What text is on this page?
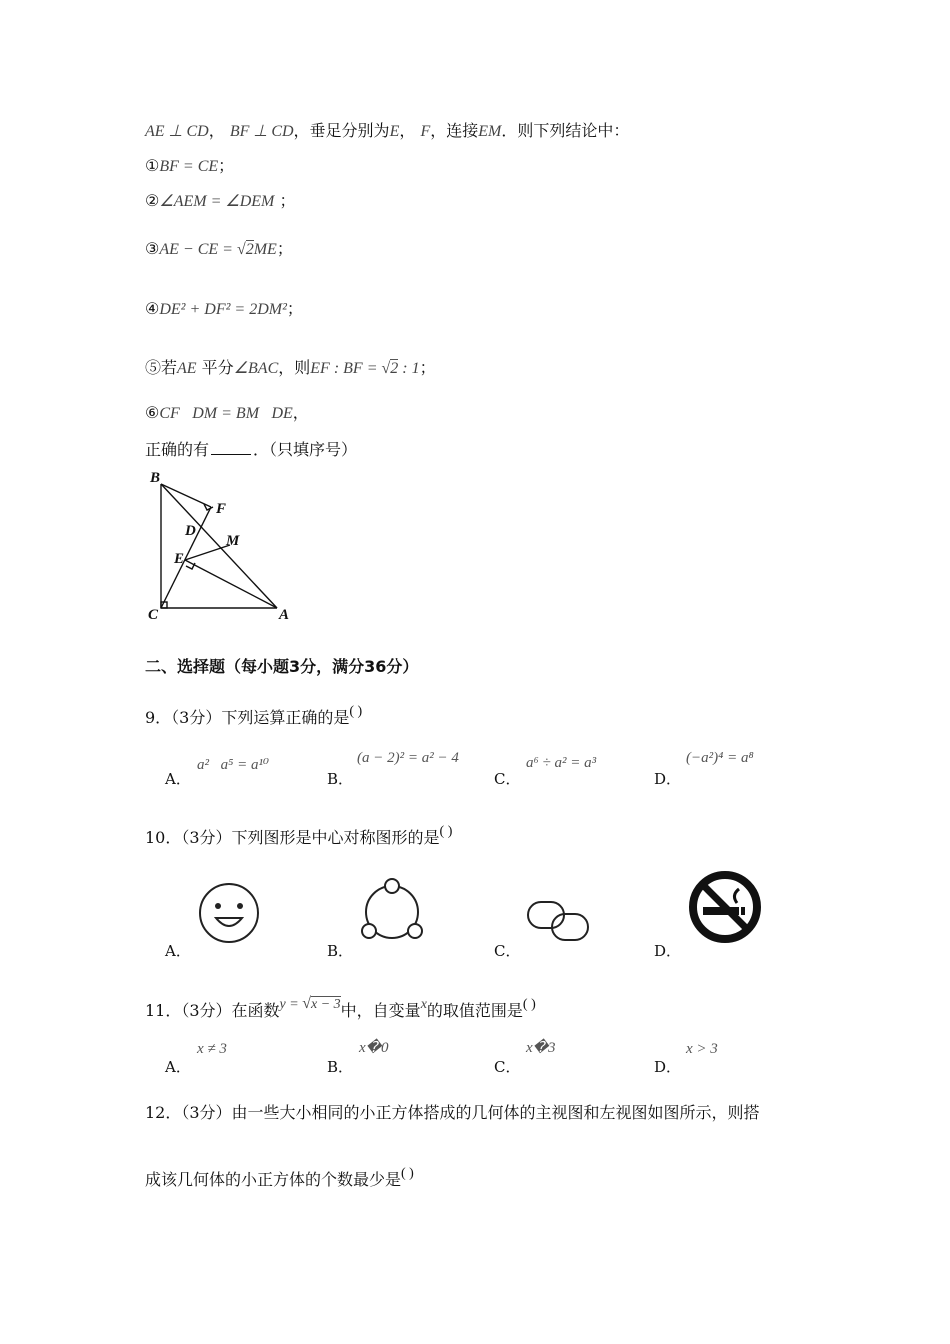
AE ⊥ CD， BF ⊥ CD，垂足分别为E， F，连接EM．则下列结论中：
①BF = CE；
②∠AEM = ∠DEM ；
③AE − CE = √2ME；
④DE² + DF² = 2DM²；
⑤若AE 平分∠BAC，则EF : BF = √2 : 1；
⑥CF⃞DM = BM⃞DE，
正确的有	．（只填序号）
B
F
D
M
E
C	A
二、选择题（每小题3分，满分36分）
9．（3分）下列运算正确的是( )
A．
a²⃞a⁵ = a¹⁰
B．
(a − 2)² = a² − 4
C．
a⁶ ÷ a² = a³
D．
(−a²)⁴ = a⁸
10．（3分）下列图形是中心对称图形的是( )
A．	B．	C．	D．
11．（3分）在函数y = √x − 3中，自变量x的取值范围是( )
A．
x ≠ 3
B．
x�0
C．
x�3
D．
x > 3
12．（3分）由一些大小相同的小正方体搭成的几何体的主视图和左视图如图所示，则搭
成该几何体的小正方体的个数最少是( )
